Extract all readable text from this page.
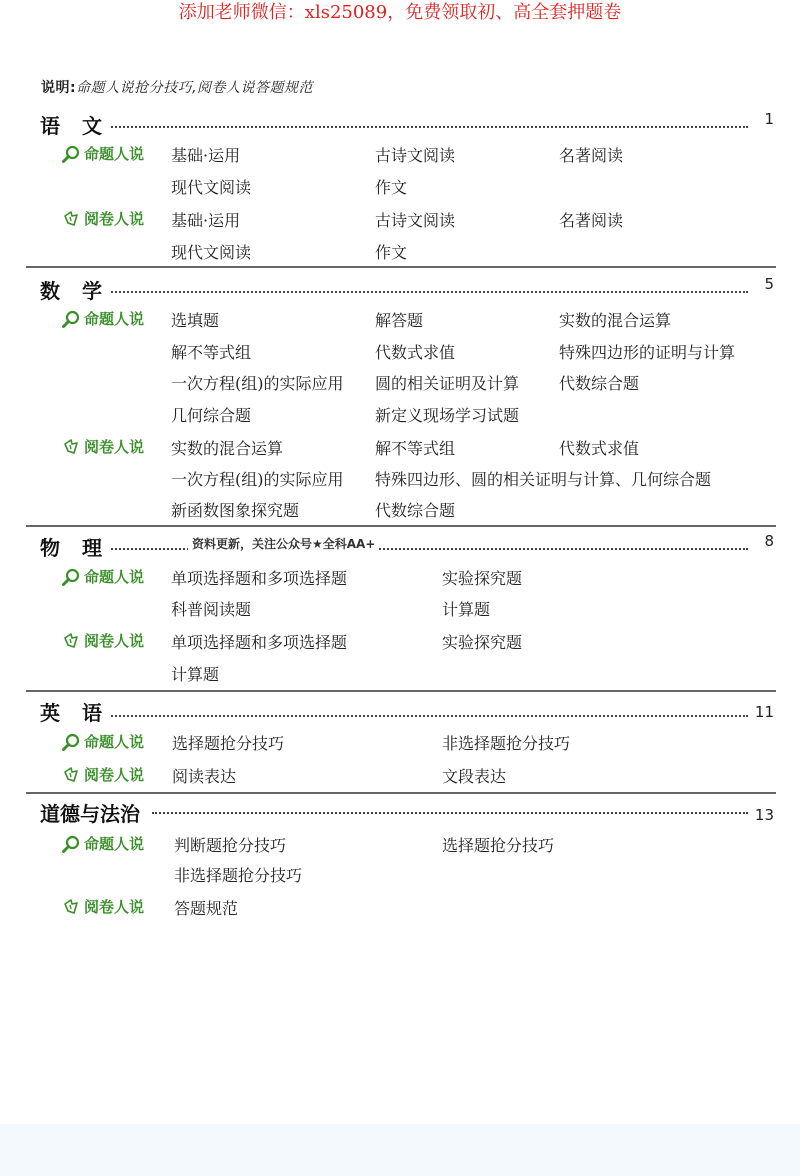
添加老师微信：xls25089，免费领取初、高全套押题卷
说明:命题人说抢分技巧,阅卷人说答题规范
语　文	1
命题人说 基础·运用	古诗文阅读	名著阅读
现代文阅读	作文
阅卷人说 基础·运用	古诗文阅读	名著阅读
现代文阅读	作文
数　学	5
命题人说 选填题	解答题	实数的混合运算
解不等式组	代数式求值	特殊四边形的证明与计算
一次方程(组)的实际应用 圆的相关证明及计算 代数综合题
几何综合题	新定义现场学习试题
阅卷人说 实数的混合运算	解不等式组	代数式求值
一次方程(组)的实际应用 特殊四边形、圆的相关证明与计算、几何综合题
新函数图象探究题	代数综合题
物　理	资料更新，关注公众号★全科AA+	8
命题人说 单项选择题和多项选择题	实验探究题
科普阅读题	计算题
阅卷人说 单项选择题和多项选择题	实验探究题
计算题
英　语	11
命题人说 选择题抢分技巧	非选择题抢分技巧
阅卷人说 阅读表达	文段表达
道德与法治	13
命题人说 判断题抢分技巧	选择题抢分技巧
非选择题抢分技巧
阅卷人说 答题规范
